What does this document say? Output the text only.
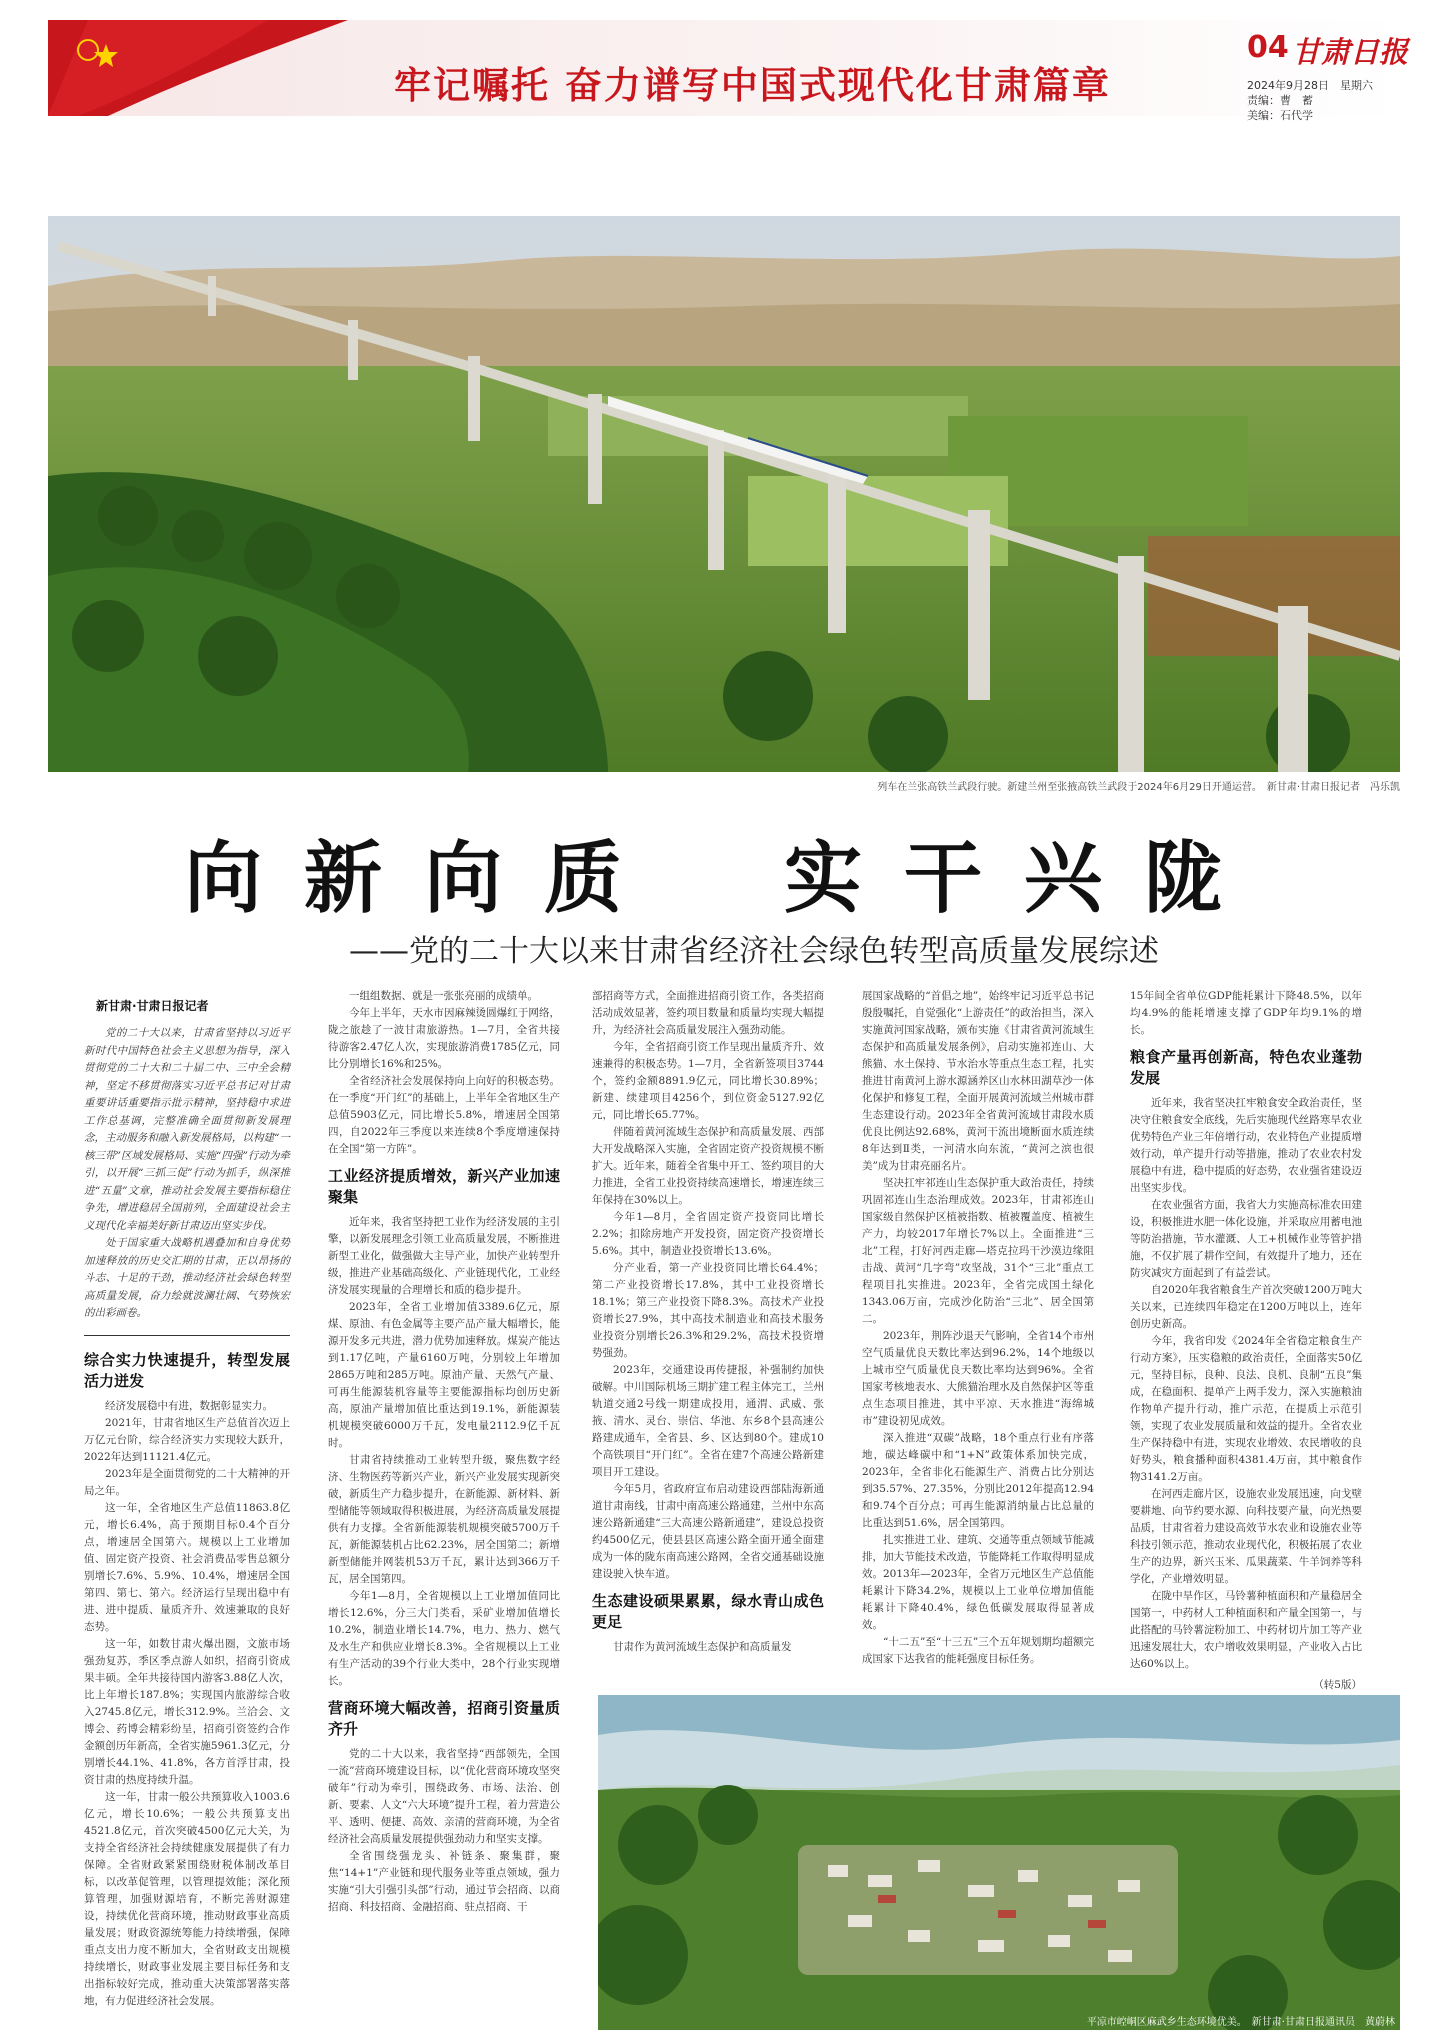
牢记嘱托 奋力谱写中国式现代化甘肃篇章
04 甘肃日报
2024年9月28日　星期六
责编：曹　蓄
美编：石代学
列车在兰张高铁兰武段行驶。新建兰州至张掖高铁兰武段于2024年6月29日开通运营。　新甘肃·甘肃日报记者　冯乐凯
向新向质　实干兴陇
——党的二十大以来甘肃省经济社会绿色转型高质量发展综述
新甘肃·甘肃日报记者

党的二十大以来，甘肃省坚持以习近平新时代中国特色社会主义思想为指导，深入贯彻党的二十大和二十届二中、三中全会精神，坚定不移贯彻落实习近平总书记对甘肃重要讲话重要指示批示精神，坚持稳中求进工作总基调，完整准确全面贯彻新发展理念，主动服务和融入新发展格局，以构建“一核三带”区域发展格局、实施“四强”行动为牵引，以开展“三抓三促”行动为抓手，纵深推进“五量”文章，推动社会发展主要指标稳住争先，增进稳居全国前列，全面建设社会主义现代化幸福美好新甘肃迈出坚实步伐。

处于国家重大战略机遇叠加和自身优势加速释放的历史交汇期的甘肃，正以昂扬的斗志、十足的干劲，推动经济社会绿色转型高质量发展，奋力绘就波澜壮阔、气势恢宏的出彩画卷。

综合实力快速提升，转型发展活力迸发

经济发展稳中有进，数据彰显实力。

2021年，甘肃省地区生产总值首次迈上万亿元台阶，综合经济实力实现较大跃升，2022年达到11121.4亿元。

2023年是全面贯彻党的二十大精神的开局之年。

这一年，全省地区生产总值11863.8亿元，增长6.4%，高于预期目标0.4个百分点，增速居全国第六。规模以上工业增加值、固定资产投资、社会消费品零售总额分别增长7.6%、5.9%、10.4%，增速居全国第四、第七、第六。经济运行呈现出稳中有进、进中提质、量质齐升、效速兼取的良好态势。

这一年，如数甘肃火爆出圈，文旅市场强劲复苏，季区季点游人如织，招商引资成果丰硕。全年共接待国内游客3.88亿人次，比上年增长187.8%；实现国内旅游综合收入2745.8亿元，增长312.9%。兰洽会、文博会、药博会精彩纷呈，招商引资签约合作金额创历年新高，全省实施5961.3亿元，分别增长44.1%、41.8%，各方首浮甘肃，投资甘肃的热度持续升温。

这一年，甘肃一般公共预算收入1003.6亿元，增长10.6%；一般公共预算支出4521.8亿元，首次突破4500亿元大关，为支持全省经济社会持续健康发展提供了有力保障。全省财政紧紧围绕财税体制改革目标，以改革促管理，以管理提效能；深化预算管理，加强财源培育，不断完善财源建设，持续优化营商环境，推动财政事业高质量发展；财政资源统筹能力持续增强，保障重点支出力度不断加大，全省财政支出规模持续增长，财政事业发展主要目标任务和支出指标较好完成，推动重大决策部署落实落地，有力促进经济社会发展。

一组组数据、就是一张张亮丽的成绩单。

今年上半年，天水市因麻辣烫圆爆红于网络，陇之旅趁了一波甘肃旅游热。1—7月，全省共接待游客2.47亿人次，实现旅游消费1785亿元，同比分别增长16%和25%。

全省经济社会发展保持向上向好的积极态势。在一季度“开门红”的基础上，上半年全省地区生产总值5903亿元，同比增长5.8%，增速居全国第四，自2022年三季度以来连续8个季度增速保持在全国“第一方阵”。

工业经济提质增效，新兴产业加速聚集

近年来，我省坚持把工业作为经济发展的主引擎，以新发展理念引领工业高质量发展，不断推进新型工业化，做强做大主导产业，加快产业转型升级，推进产业基础高级化、产业链现代化，工业经济发展实现量的合理增长和质的稳步提升。

2023年，全省工业增加值3389.6亿元，原煤、原油、有色金属等主要产品产量大幅增长，能源开发多元共进，潜力优势加速释放。煤炭产能达到1.17亿吨，产量6160万吨，分别较上年增加2865万吨和285万吨。原油产量、天然气产量、可再生能源装机容量等主要能源指标均创历史新高，原油产量增加值比重达到19.1%，新能源装机规模突破6000万千瓦，发电量2112.9亿千瓦时。

甘肃省持续推动工业转型升级，聚焦数字经济、生物医药等新兴产业，新兴产业发展实现新突破，新质生产力稳步提升，在新能源、新材料、新型储能等领域取得积极进展，为经济高质量发展提供有力支撑。全省新能源装机规模突破5700万千瓦，新能源装机占比62.23%，居全国第二；新增新型储能并网装机53万千瓦，累计达到366万千瓦，居全国第四。

今年1—8月，全省规模以上工业增加值同比增长12.6%，分三大门类看，采矿业增加值增长10.2%，制造业增长14.7%，电力、热力、燃气及水生产和供应业增长8.3%。全省规模以上工业有生产活动的39个行业大类中，28个行业实现增长。

营商环境大幅改善，招商引资量质齐升

党的二十大以来，我省坚持“西部领先，全国一流”营商环境建设目标，以“优化营商环境攻坚突破年”行动为牵引，围绕政务、市场、法治、创新、要素、人文“六大环境”提升工程，着力营造公平、透明、便捷、高效、亲清的营商环境，为全省经济社会高质量发展提供强劲动力和坚实支撑。

全省围绕强龙头、补链条、聚集群，聚焦“14+1”产业链和现代服务业等重点领域，强力实施“引大引强引头部”行动，通过节会招商、以商招商、科技招商、金融招商、驻点招商、干

部招商等方式，全面推进招商引资工作，各类招商活动成效显著，签约项目数量和质量均实现大幅提升，为经济社会高质量发展注入强劲动能。

今年，全省招商引资工作呈现出量质齐升、效速兼得的积极态势。1—7月，全省新签项目3744个，签约金额8891.9亿元，同比增长30.89%；新建、续建项目4256个，到位资金5127.92亿元，同比增长65.77%。

伴随着黄河流域生态保护和高质量发展、西部大开发战略深入实施，全省固定资产投资规模不断扩大。近年来，随着全省集中开工、签约项目的大力推进，全省工业投资持续高速增长，增速连续三年保持在30%以上。

今年1—8月，全省固定资产投资同比增长2.2%；扣除房地产开发投资，固定资产投资增长5.6%。其中，制造业投资增长13.6%。

分产业看，第一产业投资同比增长64.4%；第二产业投资增长17.8%，其中工业投资增长18.1%；第三产业投资下降8.3%。高技术产业投资增长27.9%，其中高技术制造业和高技术服务业投资分别增长26.3%和29.2%，高技术投资增势强劲。

2023年，交通建设再传捷报，补强制约加快破解。中川国际机场三期扩建工程主体完工，兰州轨道交通2号线一期建成投用，通渭、武威、张掖、清水、灵台、崇信、华池、东乡8个县高速公路建成通车，全省县、乡、区达到80个。建成10个高铁项目“开门红”。全省在建7个高速公路新建项目开工建设。

今年5月，省政府宣布启动建设西部陆海新通道甘肃南线，甘肃中南高速公路通建，兰州中东高速公路新通建“三大高速公路新通建”，建设总投资约4500亿元，使县县区高速公路全面开通全面建成为一体的陇东南高速公路网，全省交通基础设施建设驶入快车道。

生态建设硕果累累，绿水青山成色更足

甘肃作为黄河流域生态保护和高质量发

展国家战略的“首倡之地”，始终牢记习近平总书记殷殷嘱托，自觉强化“上游责任”的政治担当，深入实施黄河国家战略，颁布实施《甘肃省黄河流域生态保护和高质量发展条例》，启动实施祁连山、大熊猫、水土保持、节水治水等重点生态工程，扎实推进甘南黄河上游水源涵养区山水林田湖草沙一体化保护和修复工程，全面开展黄河流域兰州城市群生态建设行动。2023年全省黄河流域甘肃段水质优良比例达92.68%，黄河干流出境断面水质连续8年达到Ⅱ类，一河清水向东流，“黄河之滨也很美”成为甘肃亮丽名片。

坚决扛牢祁连山生态保护重大政治责任，持续巩固祁连山生态治理成效。2023年，甘肃祁连山国家级自然保护区植被指数、植被覆盖度、植被生产力，均较2017年增长7%以上。全面推进“三北”工程，打好河西走廊—塔克拉玛干沙漠边缘阻击战、黄河“几字弯”攻坚战，31个“三北”重点工程项目扎实推进。2023年，全省完成国土绿化1343.06万亩，完成沙化防治“三北”、居全国第二。

2023年，荆阵沙退天气影响，全省14个市州空气质量优良天数比率达到96.2%，14个地级以上城市空气质量优良天数比率均达到96%。全省国家考核地表水、大熊猫治理水及自然保护区等重点生态项目推进，其中平凉、天水推进“海绵城市”建设初见成效。

深入推进“双碳”战略，18个重点行业有序落地，碳达峰碳中和“1+N”政策体系加快完成，2023年，全省非化石能源生产、消费占比分别达到35.57%、27.35%，分别比2012年提高12.94和9.74个百分点；可再生能源消纳量占比总量的比重达到51.6%，居全国第四。

扎实推进工业、建筑、交通等重点领域节能减排，加大节能技术改造，节能降耗工作取得明显成效。2013年—2023年，全省万元地区生产总值能耗累计下降34.2%，规模以上工业单位增加值能耗累计下降40.4%，绿色低碳发展取得显著成效。

“十二五”至“十三五”三个五年规划期均超额完成国家下达我省的能耗强度目标任务。

15年间全省单位GDP能耗累计下降48.5%，以年均4.9%的能耗增速支撑了GDP年均9.1%的增长。

粮食产量再创新高，特色农业蓬勃发展

近年来，我省坚决扛牢粮食安全政治责任，坚决守住粮食安全底线，先后实施现代丝路寒旱农业优势特色产业三年倍增行动，农业特色产业提质增效行动，单产提升行动等措施，推动了农业农村发展稳中有进，稳中提质的好态势，农业强省建设迈出坚实步伐。

在农业强省方面，我省大力实施高标准农田建设，积极推进水肥一体化设施，并采取应用蓄电池等防治措施，节水灌溉、人工+机械作业等管护措施，不仅扩展了耕作空间，有效提升了地力，还在防灾减灾方面起到了有益尝试。

自2020年我省粮食生产首次突破1200万吨大关以来，已连续四年稳定在1200万吨以上，连年创历史新高。

今年，我省印发《2024年全省稳定粮食生产行动方案》，压实稳粮的政治责任，全面落实50亿元，坚持目标，良种、良法、良机、良制“五良”集成，在稳面积、提单产上两手发力，深入实施粮油作物单产提升行动，推广示范，在提质上示范引领，实现了农业发展质量和效益的提升。全省农业生产保持稳中有进，实现农业增效、农民增收的良好势头，粮食播种面积4381.4万亩，其中粮食作物3141.2万亩。

在河西走廊片区，设施农业发展迅速，向戈壁要耕地、向节约要水源、向科技要产量，向光热要品质，甘肃省着力建设高效节水农业和设施农业等科技引领示范，推动农业现代化，积极拓展了农业生产的边界，新兴玉米、瓜果蔬菜、牛羊饲养等科学化，产业增效明显。

在陇中旱作区，马铃薯种植面积和产量稳居全国第一，中药材人工种植面积和产量全国第一，与此搭配的马铃薯淀粉加工、中药材切片加工等产业迅速发展壮大，农户增收效果明显，产业收入占比达60%以上。

（转5版）
平凉市崆峒区麻武乡生态环境优美。　新甘肃·甘肃日报通讯员　黄蔚林
